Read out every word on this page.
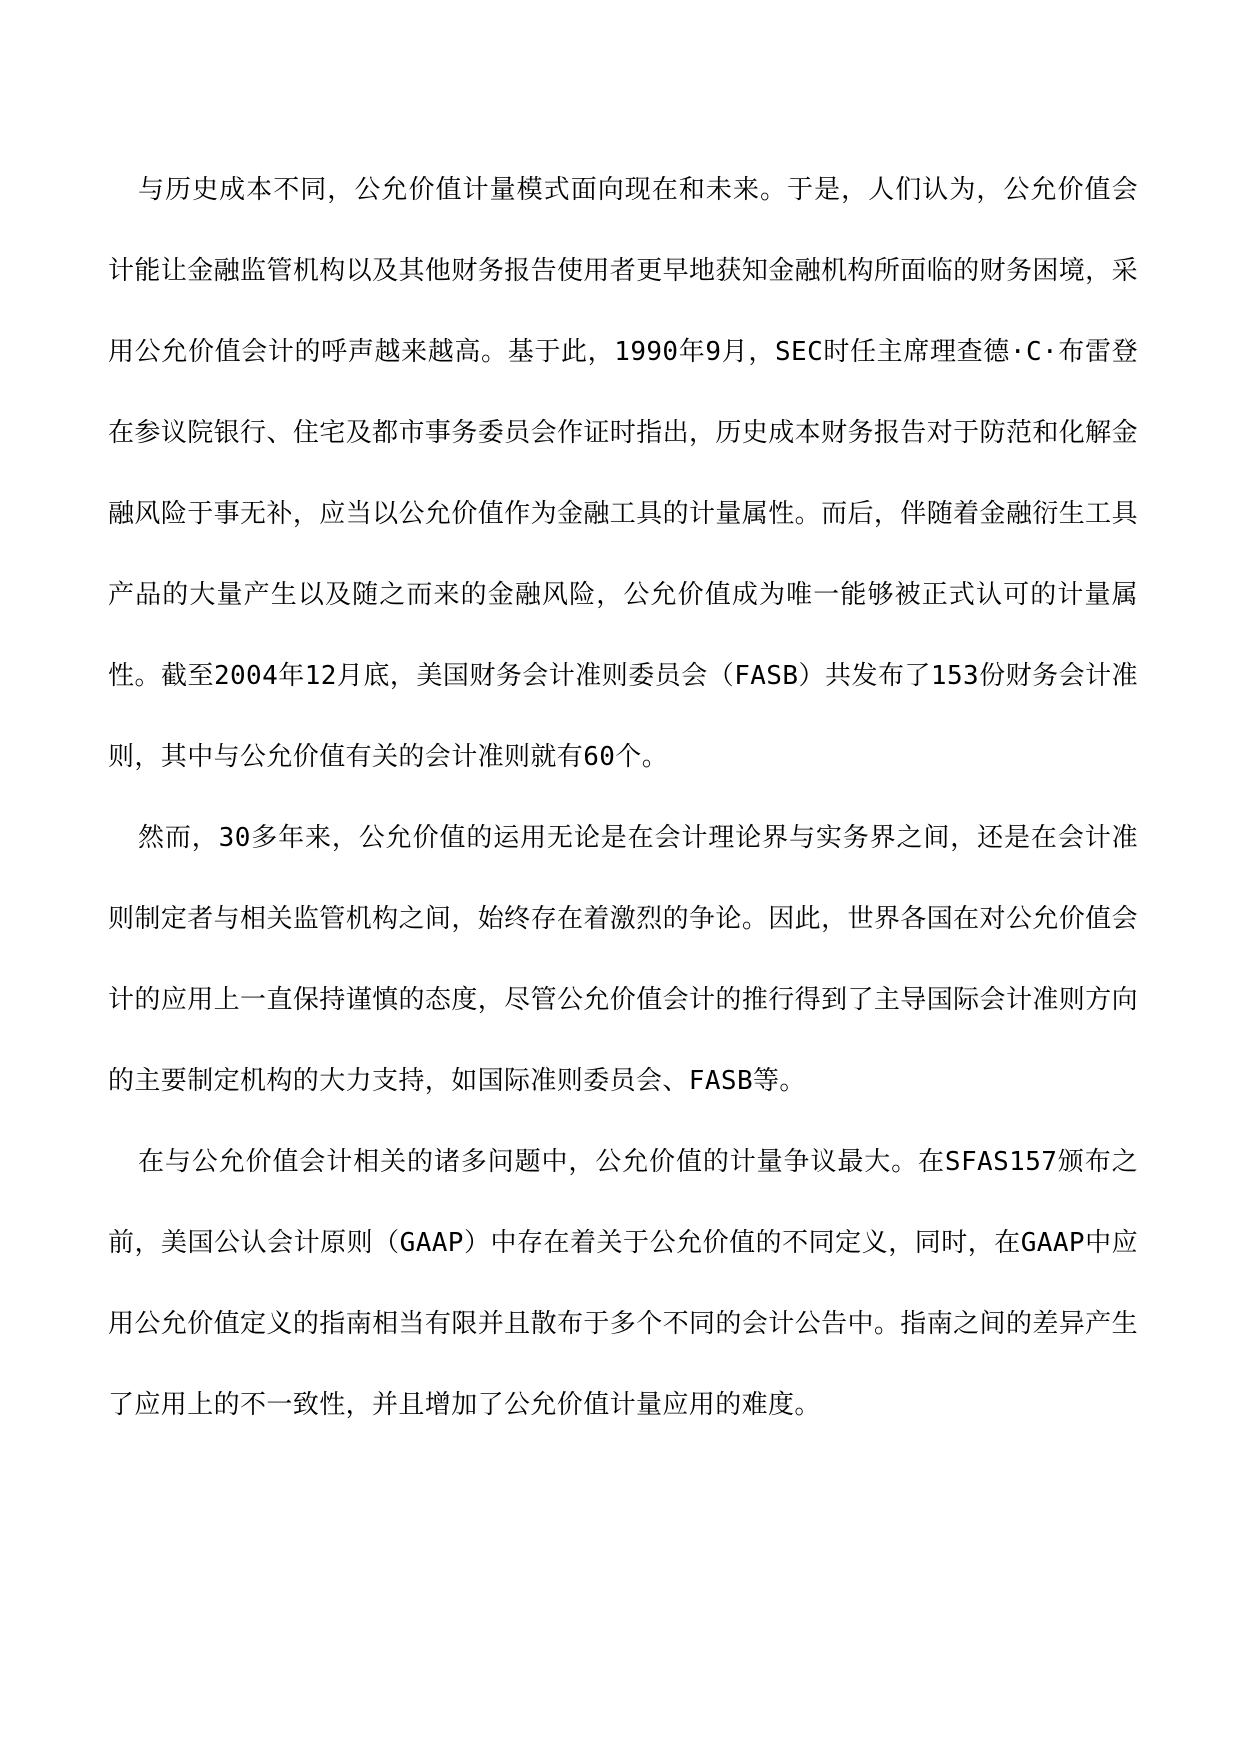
与历史成本不同，公允价值计量模式面向现在和未来。于是，人们认为，公允价值会计能让金融监管机构以及其他财务报告使用者更早地获知金融机构所面临的财务困境，采用公允价值会计的呼声越来越高。基于此，1990年9月，SEC时任主席理查德·C·布雷登在参议院银行、住宅及都市事务委员会作证时指出，历史成本财务报告对于防范和化解金融风险于事无补，应当以公允价值作为金融工具的计量属性。而后，伴随着金融衍生工具产品的大量产生以及随之而来的金融风险，公允价值成为唯一能够被正式认可的计量属性。截至2004年12月底，美国财务会计准则委员会（FASB）共发布了153份财务会计准则，其中与公允价值有关的会计准则就有60个。

然而，30多年来，公允价值的运用无论是在会计理论界与实务界之间，还是在会计准则制定者与相关监管机构之间，始终存在着激烈的争论。因此，世界各国在对公允价值会计的应用上一直保持谨慎的态度，尽管公允价值会计的推行得到了主导国际会计准则方向的主要制定机构的大力支持，如国际准则委员会、FASB等。

在与公允价值会计相关的诸多问题中，公允价值的计量争议最大。在SFAS157颁布之前，美国公认会计原则（GAAP）中存在着关于公允价值的不同定义，同时，在GAAP中应用公允价值定义的指南相当有限并且散布于多个不同的会计公告中。指南之间的差异产生了应用上的不一致性，并且增加了公允价值计量应用的难度。
